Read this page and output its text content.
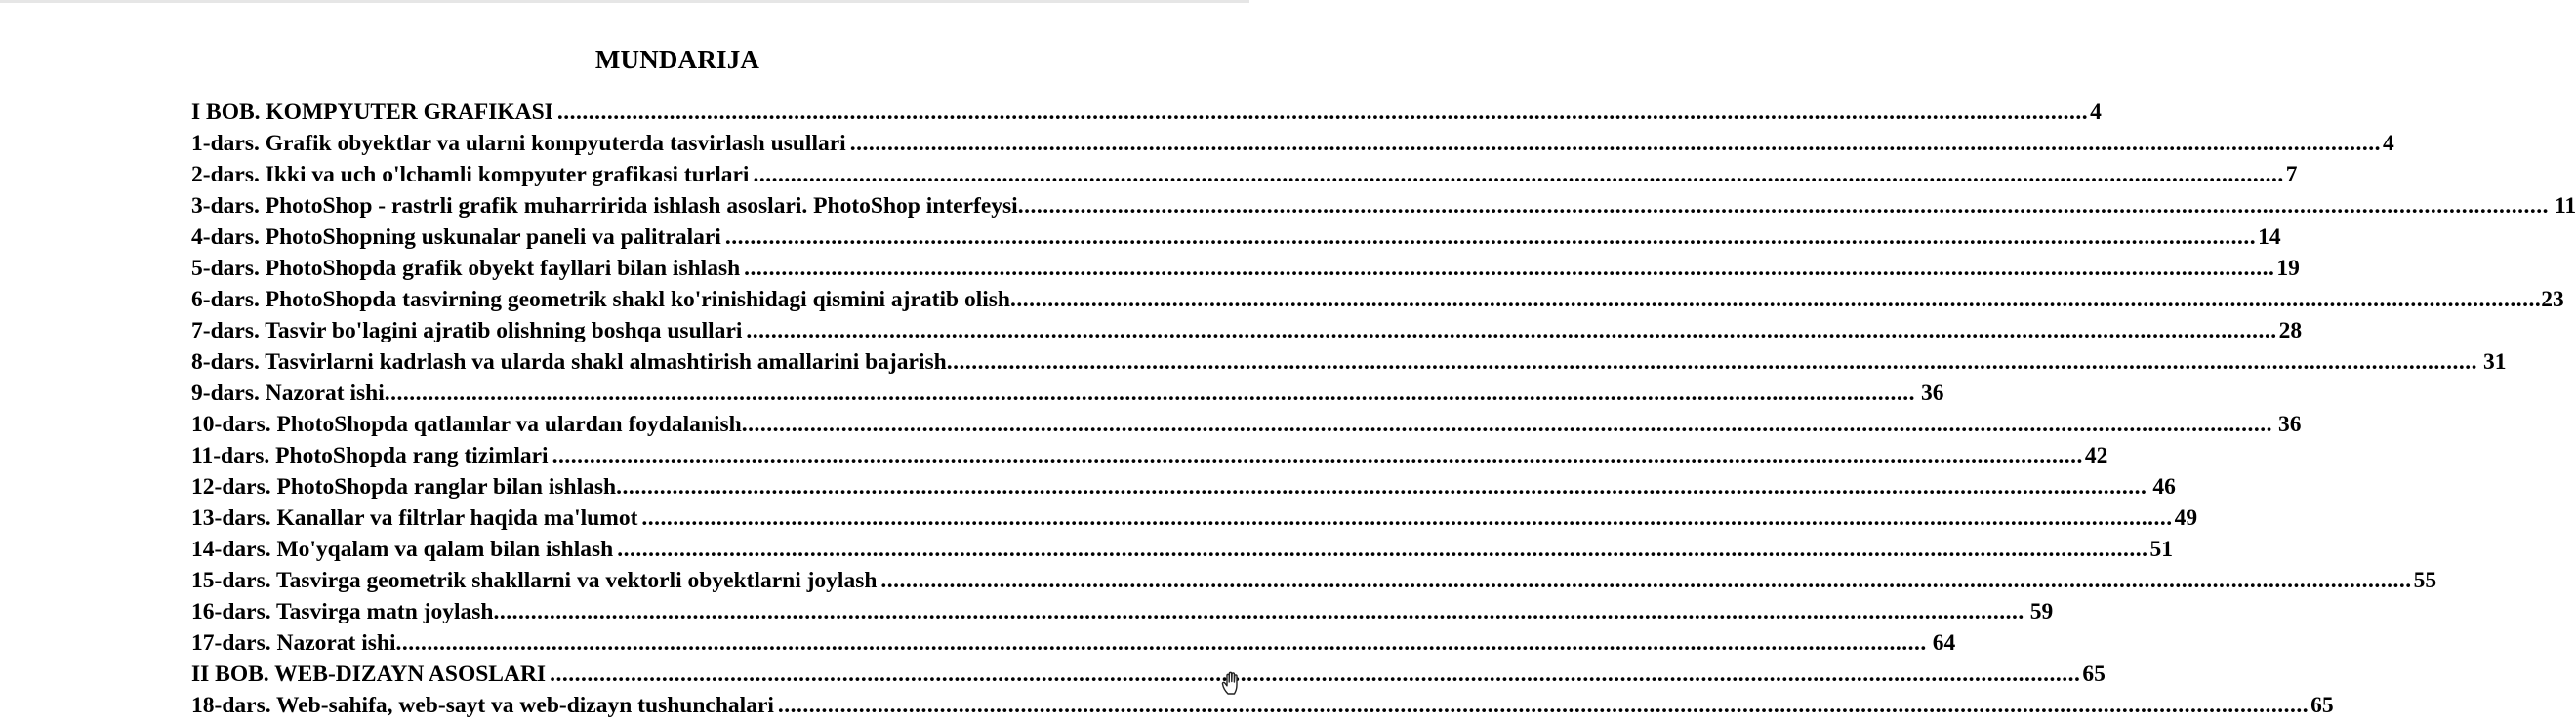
MUNDARIJA
I BOB. KOMPYUTER GRAFIKASI .....	4
1-dars. Grafik obyektlar va ularni kompyuterda tasvirlash usullari .....	4
2-dars. Ikki va uch o'lchamli kompyuter grafikasi turlari .....	7
3-dars. PhotoShop - rastrli grafik muharririda ishlash asoslari. PhotoShop interfeysi .....	11
4-dars. PhotoShopning uskunalar paneli va palitralari .....	14
5-dars. PhotoShopda grafik obyekt fayllari bilan ishlash .....	19
6-dars. PhotoShopda tasvirning geometrik shakl ko'rinishidagi qismini ajratib olish .....	23
7-dars. Tasvir bo'lagini ajratib olishning boshqa usullari .....	28
8-dars. Tasvirlarni kadrlash va ularda shakl almashtirish amallarini bajarish .....	31
9-dars. Nazorat ishi .....	36
10-dars. PhotoShopda qatlamlar va ulardan foydalanish .....	36
11-dars. PhotoShopda rang tizimlari .....	42
12-dars. PhotoShopda ranglar bilan ishlash .....	46
13-dars. Kanallar va filtrlar haqida ma'lumot .....	49
14-dars. Mo'yqalam va qalam bilan ishlash .....	51
15-dars. Tasvirga geometrik shakllarni va vektorli obyektlarni joylash .....	55
16-dars. Tasvirga matn joylash .....	59
17-dars. Nazorat ishi .....	64
II BOB. WEB-DIZAYN ASOSLARI .....	65
18-dars. Web-sahifa, web-sayt va web-dizayn tushunchalari .....	65
